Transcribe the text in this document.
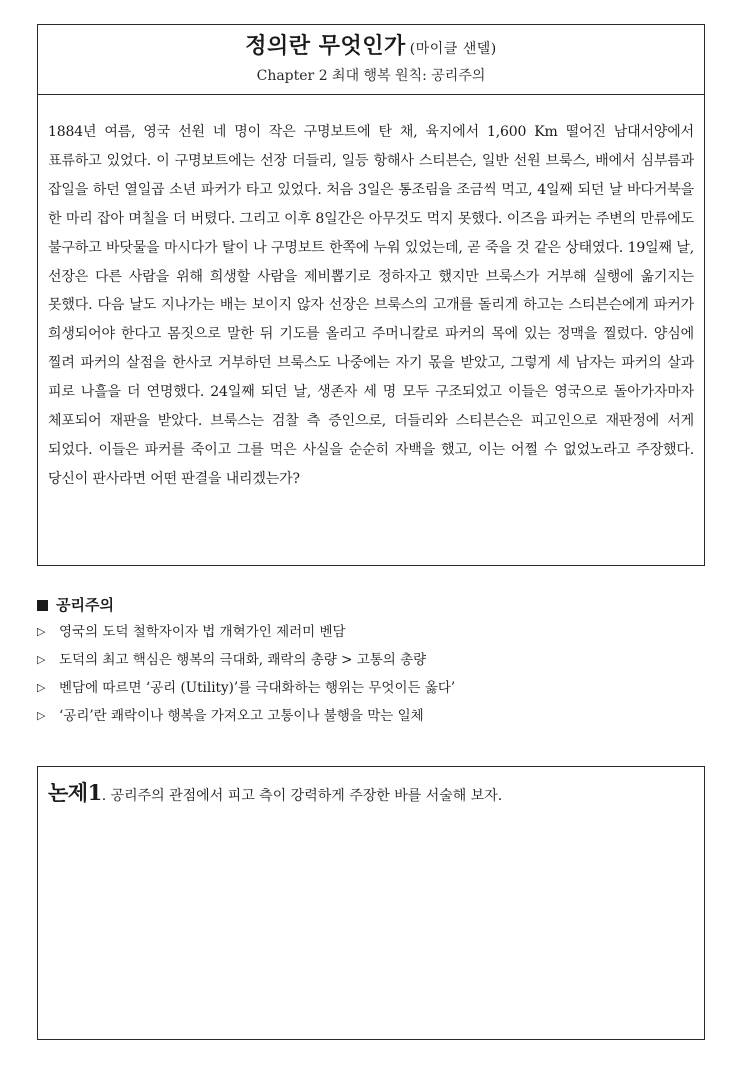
정의란 무엇인가 (마이클 샌델)
Chapter 2 최대 행복 원칙: 공리주의
1884년 여름, 영국 선원 네 명이 작은 구명보트에 탄 채, 육지에서 1,600 Km 떨어진 남대서양에서 표류하고 있었다. 이 구명보트에는 선장 더들리, 일등 항해사 스티븐슨, 일반 선원 브룩스, 배에서 심부름과 잡일을 하던 열일곱 소년 파커가 타고 있었다. 처음 3일은 통조림을 조금씩 먹고, 4일째 되던 날 바다거북을 한 마리 잡아 며칠을 더 버텼다. 그리고 이후 8일간은 아무것도 먹지 못했다. 이즈음 파커는 주변의 만류에도 불구하고 바닷물을 마시다가 탈이 나 구명보트 한쪽에 누워 있었는데, 곧 죽을 것 같은 상태였다. 19일째 날, 선장은 다른 사람을 위해 희생할 사람을 제비뽑기로 정하자고 했지만 브룩스가 거부해 실행에 옮기지는 못했다. 다음 날도 지나가는 배는 보이지 않자 선장은 브룩스의 고개를 돌리게 하고는 스티븐슨에게 파커가 희생되어야 한다고 몸짓으로 말한 뒤 기도를 올리고 주머니칼로 파커의 목에 있는 정맥을 찔렀다. 양심에 찔려 파커의 살점을 한사코 거부하던 브룩스도 나중에는 자기 몫을 받았고, 그렇게 세 남자는 파커의 살과 피로 나흘을 더 연명했다. 24일째 되던 날, 생존자 세 명 모두 구조되었고 이들은 영국으로 돌아가자마자 체포되어 재판을 받았다. 브룩스는 검찰 측 증인으로, 더들리와 스티븐슨은 피고인으로 재판정에 서게 되었다. 이들은 파커를 죽이고 그를 먹은 사실을 순순히 자백을 했고, 이는 어쩔 수 없었노라고 주장했다. 당신이 판사라면 어떤 판결을 내리겠는가?
공리주의
▷ 영국의 도덕 철학자이자 법 개혁가인 제러미 벤담
▷ 도덕의 최고 핵심은 행복의 극대화, 쾌락의 총량 > 고통의 총량
▷ 벤담에 따르면 ‘공리 (Utility)’를 극대화하는 행위는 무엇이든 옳다’
▷ ‘공리’란 쾌락이나 행복을 가져오고 고통이나 불행을 막는 일체
논제1 . 공리주의 관점에서 피고 측이 강력하게 주장한 바를 서술해 보자.
